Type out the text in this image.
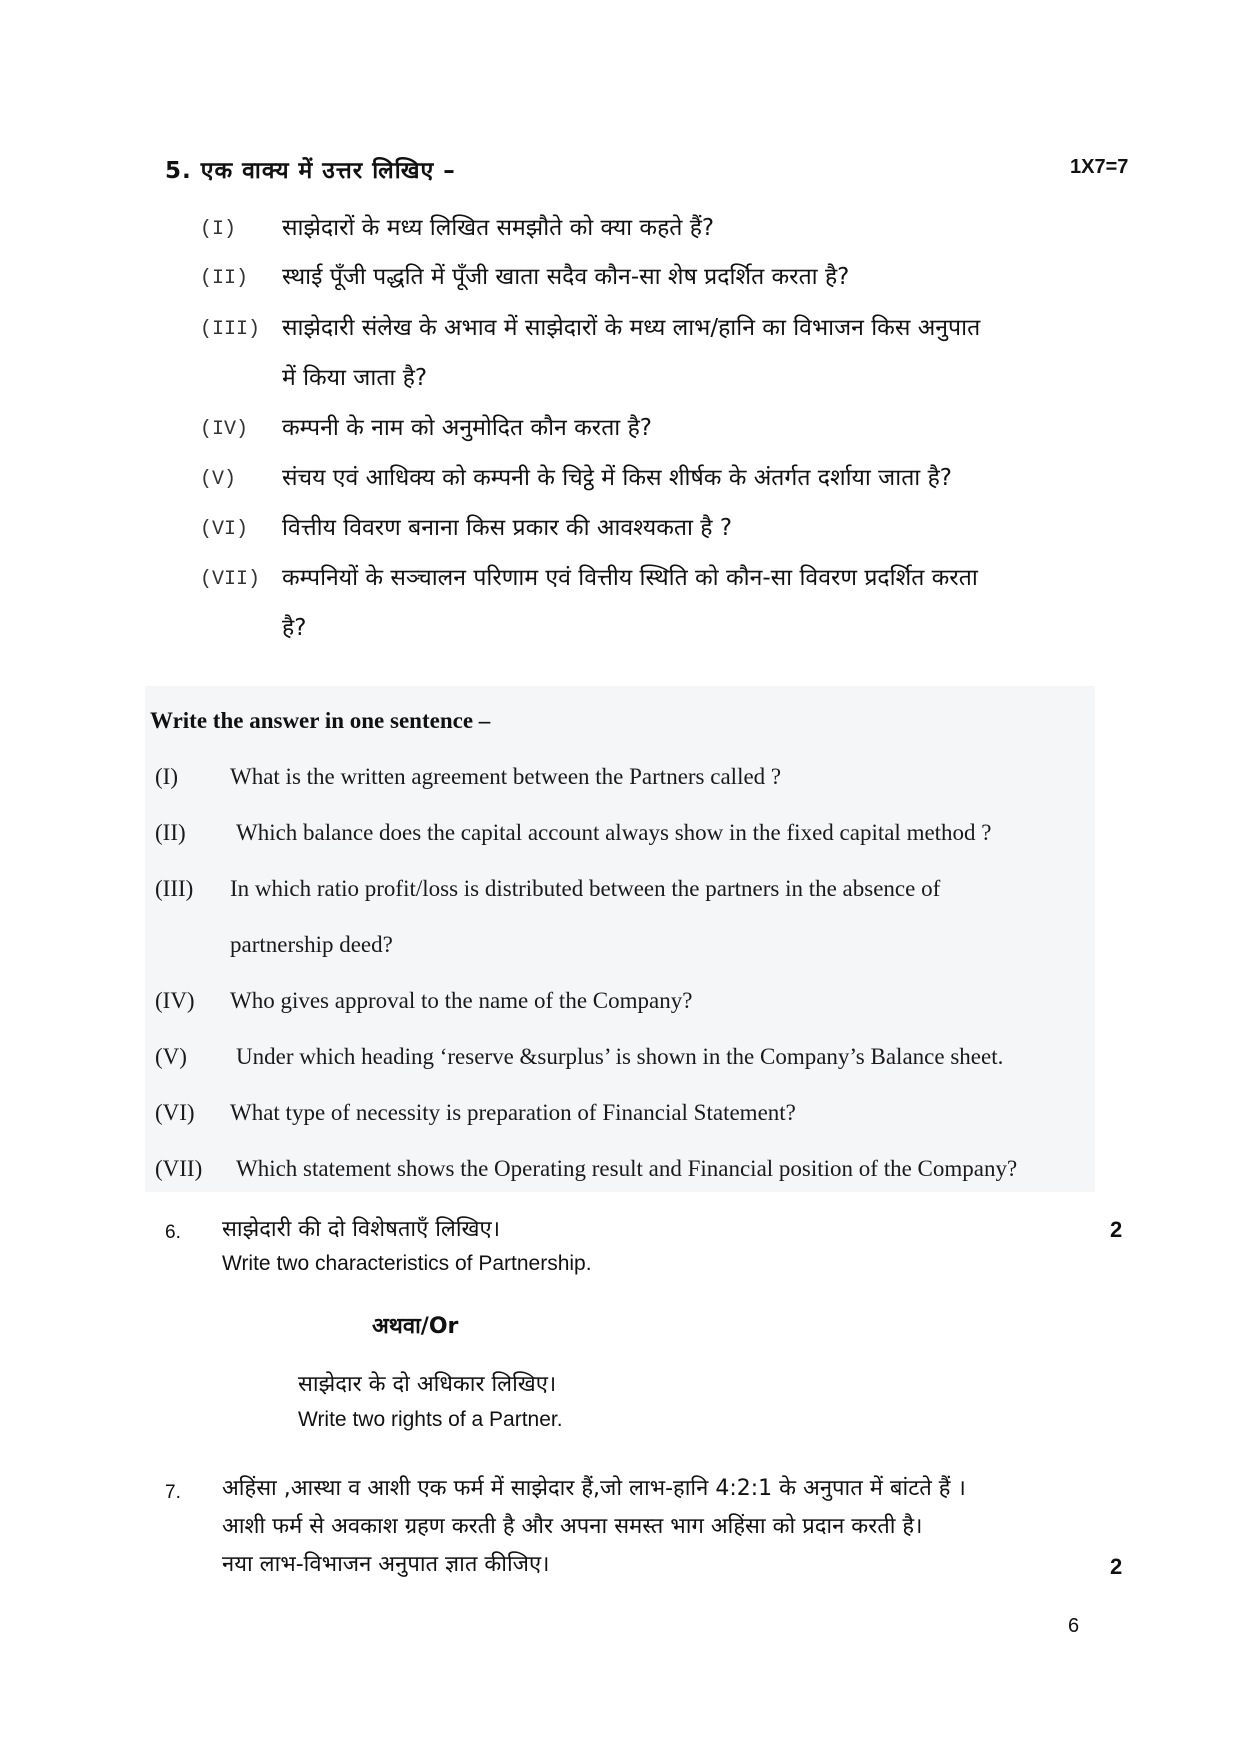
5. एक वाक्य में उत्तर लिखिए –	1X7=7
(I) साझेदारों के मध्य लिखित समझौते को क्या कहते हैं?
(II) स्थाई पूँजी पद्धति में पूँजी खाता सदैव कौन-सा शेष प्रदर्शित करता है?
(III) साझेदारी संलेख के अभाव में साझेदारों के मध्य लाभ/हानि का विभाजन किस अनुपात
में किया जाता है?
(IV) कम्पनी के नाम को अनुमोदित कौन करता है?
(V) संचय एवं आधिक्य को कम्पनी के चिट्ठे में किस शीर्षक के अंतर्गत दर्शाया जाता है?
(VI) वित्तीय विवरण बनाना किस प्रकार की आवश्यकता है ?
(VII) कम्पनियों के सञ्चालन परिणाम एवं वित्तीय स्थिति को कौन-सा विवरण प्रदर्शित करता
है?
Write the answer in one sentence –
(I) What is the written agreement between the Partners called ?
(II) Which balance does the capital account always show in the fixed capital method ?
(III) In which ratio profit/loss is distributed between the partners in the absence of
partnership deed?
(IV) Who gives approval to the name of the Company?
(V) Under which heading ‘reserve &surplus’ is shown in the Company’s Balance sheet.
(VI) What type of necessity is preparation of Financial Statement?
(VII) Which statement shows the Operating result and Financial position of the Company?
6. साझेदारी की दो विशेषताएँ लिखिए।
Write two characteristics of Partnership.
2
अथवा/Or
साझेदार के दो अधिकार लिखिए।
Write two rights of a Partner.
7. अहिंसा ,आस्था व आशी एक फर्म में साझेदार हैं,जो लाभ-हानि 4:2:1 के अनुपात में बांटते हैं ।
आशी फर्म से अवकाश ग्रहण करती है और अपना समस्त भाग अहिंसा को प्रदान करती है।
नया लाभ-विभाजन अनुपात ज्ञात कीजिए।	2
6
